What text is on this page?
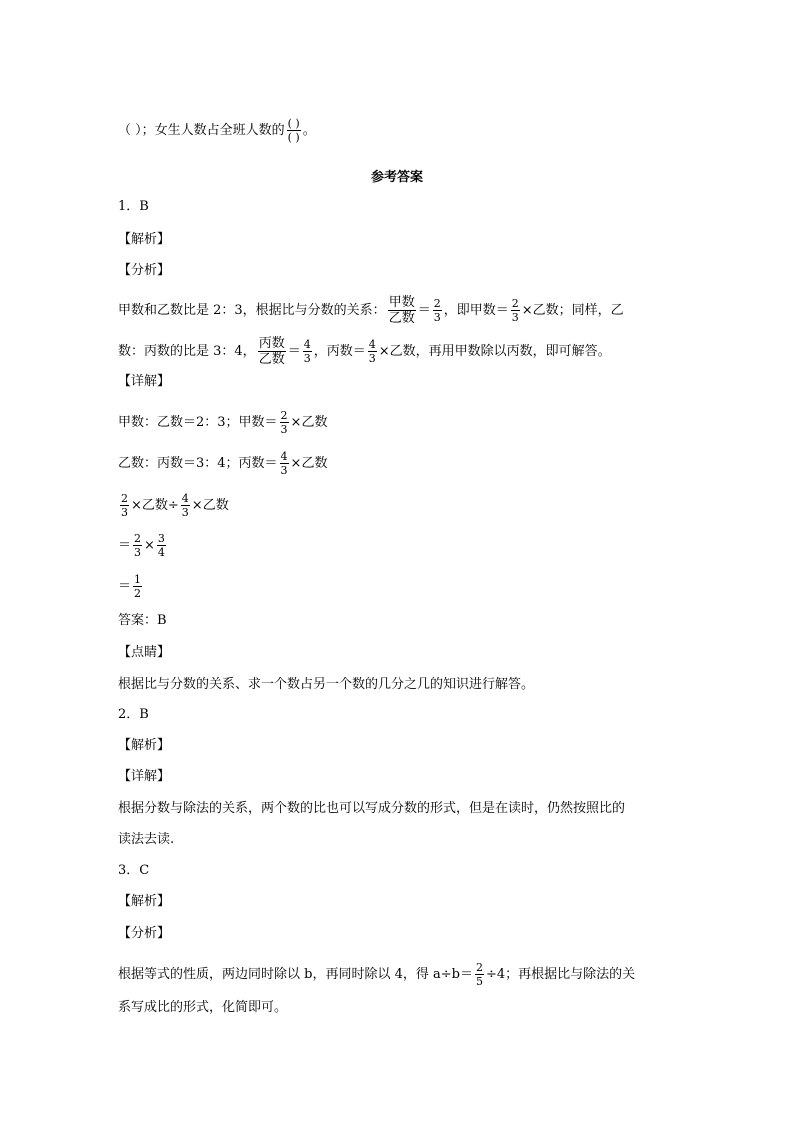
（ ）；女生人数占全班人数的 $\frac{( )}{( )}$ 。
参考答案
1．B
【解析】
【分析】
甲数和乙数比是 2：3，根据比与分数的关系： $\frac{\text{甲数}}{\text{乙数}} = \frac{2}{3}$ ，即甲数＝ $\frac{2}{3}$ ×乙数；同样，乙
数：丙数的比是 3：4， $\frac{\text{丙数}}{\text{乙数}} = \frac{4}{3}$ ，丙数＝ $\frac{4}{3}$ ×乙数，再用甲数除以丙数，即可解答。
【详解】
甲数：乙数＝2：3；甲数＝ $\frac{2}{3}$ ×乙数
乙数：丙数＝3：4；丙数＝ $\frac{4}{3}$ ×乙数
$\frac{2}{3}$ ×乙数÷ $\frac{4}{3}$ ×乙数
＝ $\frac{2}{3} \times \frac{3}{4}$
＝ $\frac{1}{2}$
答案：B
【点睛】
根据比与分数的关系、求一个数占另一个数的几分之几的知识进行解答。
2．B
【解析】
【详解】
根据分数与除法的关系，两个数的比也可以写成分数的形式，但是在读时，仍然按照比的
读法去读.
3．C
【解析】
【分析】
根据等式的性质，两边同时除以 b，再同时除以 4，得 $a\div b= \frac{2}{5} \div 4$；再根据比与除法的关
系写成比的形式，化简即可。
